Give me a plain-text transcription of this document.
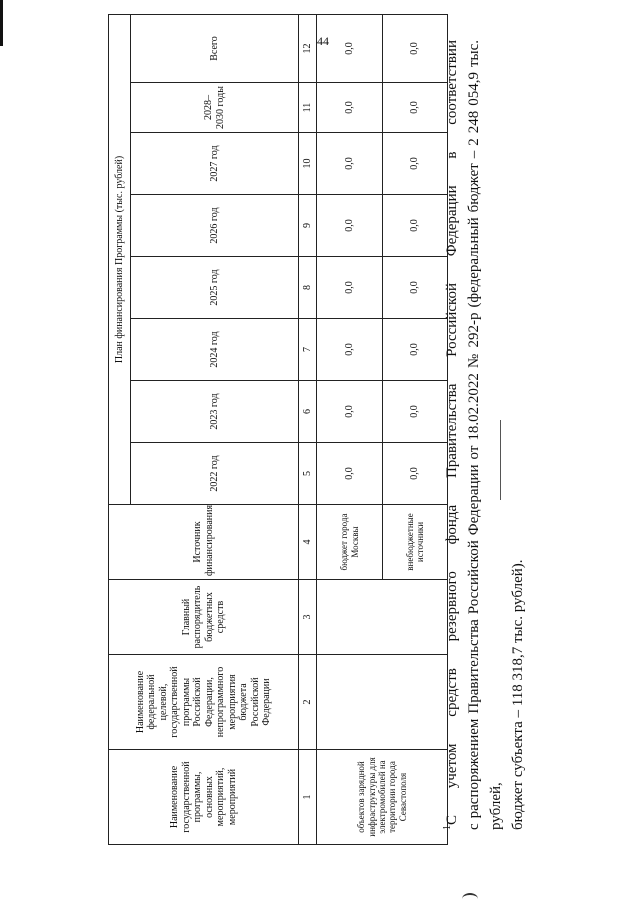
44
Наименование государственной программы, основных мероприятий, мероприятий	Наименование федеральной целевой, государственной программы Российской Федерации, непрограммного мероприятия бюджета Российской Федерации	Главный распорядитель бюджетных средств	Источник финансирования	План финансирования Программы (тыс. рублей)							
				2022 год	2023 год	2024 год	2025 год	2026 год	2027 год	2028–2030 годы	Всего
1	2	3	4	5	6	7	8	9	10	11	12
объектов зарядной инфраструктуры для электромобилей на территории города Севастополя			бюджет города Москвы	0,0	0,0	0,0	0,0	0,0	0,0	0,0	0,0
			внебюджетные источники	0,0	0,0	0,0	0,0	0,0	0,0	0,0	0,0
$^1$С учетом средств резервного фонда Правительства Российской Федерации в соответствии с распоряжением Правительства Российской Федерации от 18.02.2022 № 292-р (федеральный бюджет – 2 248 054,9 тыс. рублей, бюджет субъекта – 118 318,7 тыс. рублей).
